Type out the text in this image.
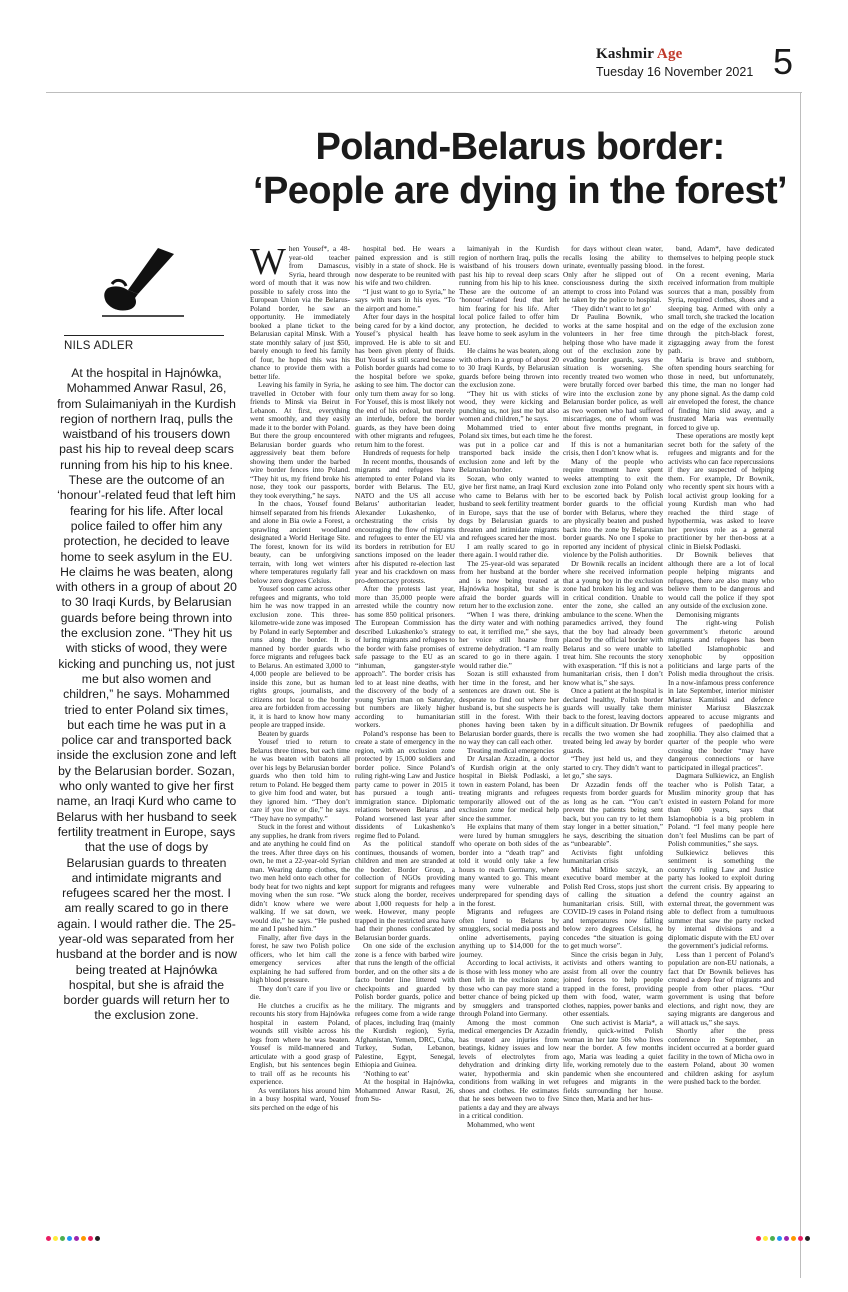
Kashmir Age
Tuesday 16 November 2021 5
Poland-Belarus border:
‘People are dying in the forest’
NILS ADLER
At the hospital in Hajnówka, Mohammed Anwar Rasul, 26, from Sulaimaniyah in the Kurdish region of northern Iraq, pulls the waistband of his trousers down past his hip to reveal deep scars running from his hip to his knee. These are the outcome of an ‘honour’-related feud that left him fearing for his life. After local police failed to offer him any protection, he decided to leave home to seek asylum in the EU. He claims he was beaten, along with others in a group of about 20 to 30 Iraqi Kurds, by Belarusian guards before being thrown into the exclusion zone. “They hit us with sticks of wood, they were kicking and punching us, not just me but also women and children,” he says. Mohammed tried to enter Poland six times, but each time he was put in a police car and transported back inside the exclusion zone and left by the Belarusian border. Sozan, who only wanted to give her first name, an Iraqi Kurd who came to Belarus with her husband to seek fertility treatment in Europe, says that the use of dogs by Belarusian guards to threaten and intimidate migrants and refugees scared her the most. I am really scared to go in there again. I would rather die. The 25-year-old was separated from her husband at the border and is now being treated at Hajnówka hospital, but she is afraid the border guards will return her to the exclusion zone.
W hen Yousef*, a 48-year-old teacher from Damascus, Syria, heard through word of mouth that it was now possible to safely cross into the European Union via the Belarus-Poland border, he saw an opportunity. He immediately booked a plane ticket to the Belarusian capital Minsk. With a state monthly salary of just $50, barely enough to feed his family of four, he hoped this was his chance to provide them with a better life.

Leaving his family in Syria, he travelled in October with four friends to Minsk via Beirut in Lebanon. At first, everything went smoothly, and they easily made it to the border with Poland. But there the group encountered Belarusian border guards who aggressively beat them before showing them under the barbed wire border fences into Poland. “They hit us, my friend broke his nose, they took our passports, they took everything,” he says.

In the chaos, Yousef found himself separated from his friends and alone in Bia owie a Forest, a sprawling ancient woodland designated a World Heritage Site. The forest, known for its wild beauty, can be unforgiving terrain, with long wet winters where temperatures regularly fall below zero degrees Celsius.

Yousef soon came across other refugees and migrants, who told him he was now trapped in an exclusion zone. This three-kilometre-wide zone was imposed by Poland in early September and runs along the border. It is manned by border guards who force migrants and refugees back to Belarus. An estimated 3,000 to 4,000 people are believed to be inside this zone, but as human rights groups, journalists, and citizens not local to the border area are forbidden from accessing it, it is hard to know how many people are trapped inside.

Beaten by guards

Yousef tried to return to Belarus three times, but each time he was beaten with batons all over his legs by Belarusian border guards who then told him to return to Poland. He begged them to give him food and water, but they ignored him. “They don’t care if you live or die,” he says. “They have no sympathy.”

Stuck in the forest and without any supplies, he drank from rivers and ate anything he could find on the trees. After three days on his own, he met a 22-year-old Syrian man. Wearing damp clothes, the two men held onto each other for body heat for two nights and kept moving when the sun rose. “We didn’t know where we were walking. If we sat down, we would die,” he says. “He pushed me and I pushed him.”

Finally, after five days in the forest, he saw two Polish police officers, who let him call the emergency services after explaining he had suffered from high blood pressure.

They don’t care if you live or die.

He clutches a crucifix as he recounts his story from Hajnówka hospital in eastern Poland, wounds still visible across his legs from where he was beaten. Yousef is mild-mannered and articulate with a good grasp of English, but his sentences begin to trail off as he recounts his experience.

As ventilators hiss around him in a busy hospital ward, Yousef sits perched on the edge of his

hospital bed. He wears a pained expression and is still visibly in a state of shock. He is now desperate to be reunited with his wife and two children.

“I just want to go to Syria,” he says with tears in his eyes. “To the airport and home.”

After four days in the hospital being cared for by a kind doctor, Yousef’s physical health has improved. He is able to sit and has been given plenty of fluids. But Yousef is still scared because Polish border guards had come to the hospital before we spoke, asking to see him. The doctor can only turn them away for so long. For Yousef, this is most likely not the end of his ordeal, but merely an interlude, before the border guards, as they have been doing with other migrants and refugees, return him to the forest.

Hundreds of requests for help

In recent months, thousands of migrants and refugees have attempted to enter Poland via its border with Belarus. The EU, NATO and the US all accuse Belarus’ authoritarian leader, Alexander Lukashenko, of orchestrating the crisis by encouraging the flow of migrants and refugees to enter the EU via its borders in retribution for EU sanctions imposed on the leader after his disputed re-election last year and his crackdown on mass pro-democracy protests.

After the protests last year, more than 35,000 people were arrested while the country now has some 850 political prisoners. The European Commission has described Lukashenko’s strategy of luring migrants and refugees to the border with false promises of safe passage to the EU as an “inhuman, gangster-style approach”. The border crisis has led to at least nine deaths, with the discovery of the body of a young Syrian man on Saturday, but numbers are likely higher according to humanitarian workers.

Poland’s response has been to create a state of emergency in the region, with an exclusion zone protected by 15,000 soldiers and border police. Since Poland’s ruling right-wing Law and Justice party came to power in 2015 it has pursued a tough anti-immigration stance. Diplomatic relations between Belarus and Poland worsened last year after dissidents of Lukashenko’s regime fled to Poland.

As the political standoff continues, thousands of women, children and men are stranded at the border. Border Group, a collection of NGOs providing support for migrants and refugees stuck along the border, receives about 1,000 requests for help a week. However, many people trapped in the restricted area have had their phones confiscated by Belarusian border guards.

On one side of the exclusion zone is a fence with barbed wire that runs the length of the official border, and on the other sits a de facto border line littered with checkpoints and guarded by Polish border guards, police and the military. The migrants and refugees come from a wide range of places, including Iraq (mainly the Kurdish region), Syria, Afghanistan, Yemen, DRC, Cuba, Turkey, Sudan, Lebanon, Palestine, Egypt, Senegal, Ethiopia and Guinea.

‘Nothing to eat’

At the hospital in Hajnówka, Mohammed Anwar Rasul, 26, from Su-

laimaniyah in the Kurdish region of northern Iraq, pulls the waistband of his trousers down past his hip to reveal deep scars running from his hip to his knee. These are the outcome of an ‘honour’-related feud that left him fearing for his life. After local police failed to offer him any protection, he decided to leave home to seek asylum in the EU.

He claims he was beaten, along with others in a group of about 20 to 30 Iraqi Kurds, by Belarusian guards before being thrown into the exclusion zone.

“They hit us with sticks of wood, they were kicking and punching us, not just me but also women and children,” he says.

Mohammed tried to enter Poland six times, but each time he was put in a police car and transported back inside the exclusion zone and left by the Belarusian border.

Sozan, who only wanted to give her first name, an Iraqi Kurd who came to Belarus with her husband to seek fertility treatment in Europe, says that the use of dogs by Belarusian guards to threaten and intimidate migrants and refugees scared her the most.

I am really scared to go in there again. I would rather die.

The 25-year-old was separated from her husband at the border and is now being treated at Hajnówka hospital, but she is afraid the border guards will return her to the exclusion zone.

“When I was there, drinking the dirty water and with nothing to eat, it terrified me,” she says, her voice still hoarse from extreme dehydration. “I am really scared to go in there again. I would rather die.”

Sozan is still exhausted from her time in the forest, and her sentences are drawn out. She is desperate to find out where her husband is, but she suspects he is still in the forest. With their phones having been taken by Belarusian border guards, there is no way they can call each other.

Treating medical emergencies

Dr Arsalan Azzadin, a doctor of Kurdish origin at the only hospital in Bielsk Podlaski, a town in eastern Poland, has been treating migrants and refugees temporarily allowed out of the exclusion zone for medical help since the summer.

He explains that many of them were lured by human smugglers who operate on both sides of the border into a “death trap” and told it would only take a few hours to reach Germany, where many wanted to go. This meant many were vulnerable and underprepared for spending days in the forest.

Migrants and refugees are often lured to Belarus by smugglers, social media posts and online advertisements, paying anything up to $14,000 for the journey.

According to local activists, it is those with less money who are then left in the exclusion zone; those who can pay more stand a better chance of being picked up by smugglers and transported through Poland into Germany.

Among the most common medical emergencies Dr Azzadin has treated are injuries from beatings, kidney issues and low levels of electrolytes from dehydration and drinking dirty water, hypothermia and skin conditions from walking in wet shoes and clothes. He estimates that he sees between two to five patients a day and they are always in a critical condition.

Mohammed, who went

for days without clean water, recalls losing the ability to urinate, eventually passing blood. Only after he slipped out of consciousness during the sixth attempt to cross into Poland was he taken by the police to hospital.

‘They didn’t want to let go’

Dr Paulina Bownik, who works at the same hospital and volunteers in her free time helping those who have made it out of the exclusion zone by evading border guards, says the situation is worsening. She recently treated two women who were brutally forced over barbed wire into the exclusion zone by Belarusian border police, as well as two women who had suffered miscarriages, one of whom was about five months pregnant, in the forest.

If this is not a humanitarian crisis, then I don’t know what is.

Many of the people who require treatment have spent weeks attempting to exit the exclusion zone into Poland only to be escorted back by Polish border guards to the official border with Belarus, where they are physically beaten and pushed back into the zone by Belarusian border guards. No one I spoke to reported any incident of physical violence by the Polish authorities.

Dr Bownik recalls an incident where she received information that a young boy in the exclusion zone had broken his leg and was in critical condition. Unable to enter the zone, she called an ambulance to the scene. When the paramedics arrived, they found that the boy had already been placed by the official border with Belarus and so were unable to treat him. She recounts the story with exasperation. “If this is not a humanitarian crisis, then I don’t know what is,” she says.

Once a patient at the hospital is declared healthy, Polish border guards will usually take them back to the forest, leaving doctors in a difficult situation. Dr Bownik recalls the two women she had treated being led away by border guards.

“They just held us, and they started to cry. They didn’t want to let go,” she says.

Dr Azzadin fends off the requests from border guards for as long as he can. “You can’t prevent the patients being sent back, but you can try to let them stay longer in a better situation,” he says, describing the situation as “unbearable”.

Activists fight unfolding humanitarian crisis

Michal Mitko szczyk, an executive board member at the Polish Red Cross, stops just short of calling the situation a humanitarian crisis. Still, with COVID-19 cases in Poland rising and temperatures now falling below zero degrees Celsius, he concedes “the situation is going to get much worse”.

Since the crisis began in July, activists and others wanting to assist from all over the country joined forces to help people trapped in the forest, providing them with food, water, warm clothes, nappies, power banks and other essentials.

One such activist is Maria*, a friendly, quick-witted Polish woman in her late 50s who lives near the border. A few months ago, Maria was leading a quiet life, working remotely due to the pandemic when she encountered refugees and migrants in the fields surrounding her house. Since then, Maria and her hus-

band, Adam*, have dedicated themselves to helping people stuck in the forest.

On a recent evening, Maria received information from multiple sources that a man, possibly from Syria, required clothes, shoes and a sleeping bag. Armed with only a small torch, she tracked the location on the edge of the exclusion zone through the pitch-black forest, zigzagging away from the forest path.

Maria is brave and stubborn, often spending hours searching for those in need, but unfortunately, this time, the man no longer had any phone signal. As the damp cold air enveloped the forest, the chance of finding him slid away, and a frustrated Maria was eventually forced to give up.

These operations are mostly kept secret both for the safety of the refugees and migrants and for the activists who can face repercussions if they are suspected of helping them. For example, Dr Bownik, who recently spent six hours with a local activist group looking for a young Kurdish man who had reached the third stage of hypothermia, was asked to leave her previous role as a general practitioner by her then-boss at a clinic in Bielsk Podlaski.

Dr Bownik believes that although there are a lot of local people helping migrants and refugees, there are also many who believe them to be dangerous and would call the police if they spot any outside of the exclusion zone.

Demonising migrants

The right-wing Polish government’s rhetoric around migrants and refugees has been labelled Islamophobic and xenophobic by opposition politicians and large parts of the Polish media throughout the crisis. In a now-infamous press conference in late September, interior minister Mariusz Kamiński and defence minister Mariusz Błaszczak appeared to accuse migrants and refugees of paedophilia and zoophilia. They also claimed that a quarter of the people who were crossing the border “may have dangerous connections or have participated in illegal practices”.

Dagmara Sulkiewicz, an English teacher who is Polish Tatar, a Muslim minority group that has existed in eastern Poland for more than 600 years, says that Islamophobia is a big problem in Poland. “I feel many people here don’t feel Muslims can be part of Polish communities,” she says.

Sulkiewicz believes this sentiment is something the country’s ruling Law and Justice party has looked to exploit during the current crisis. By appearing to defend the country against an external threat, the government was able to deflect from a tumultuous summer that saw the party rocked by internal divisions and a diplomatic dispute with the EU over the government’s judicial reforms.

Less than 1 percent of Poland’s population are non-EU nationals, a fact that Dr Bownik believes has created a deep fear of migrants and people from other places. “Our government is using that before elections, and right now, they are saying migrants are dangerous and will attack us,” she says.

Shortly after the press conference in September, an incident occurred at a border guard facility in the town of Micha owo in eastern Poland, about 30 women and children asking for asylum were pushed back to the border.
